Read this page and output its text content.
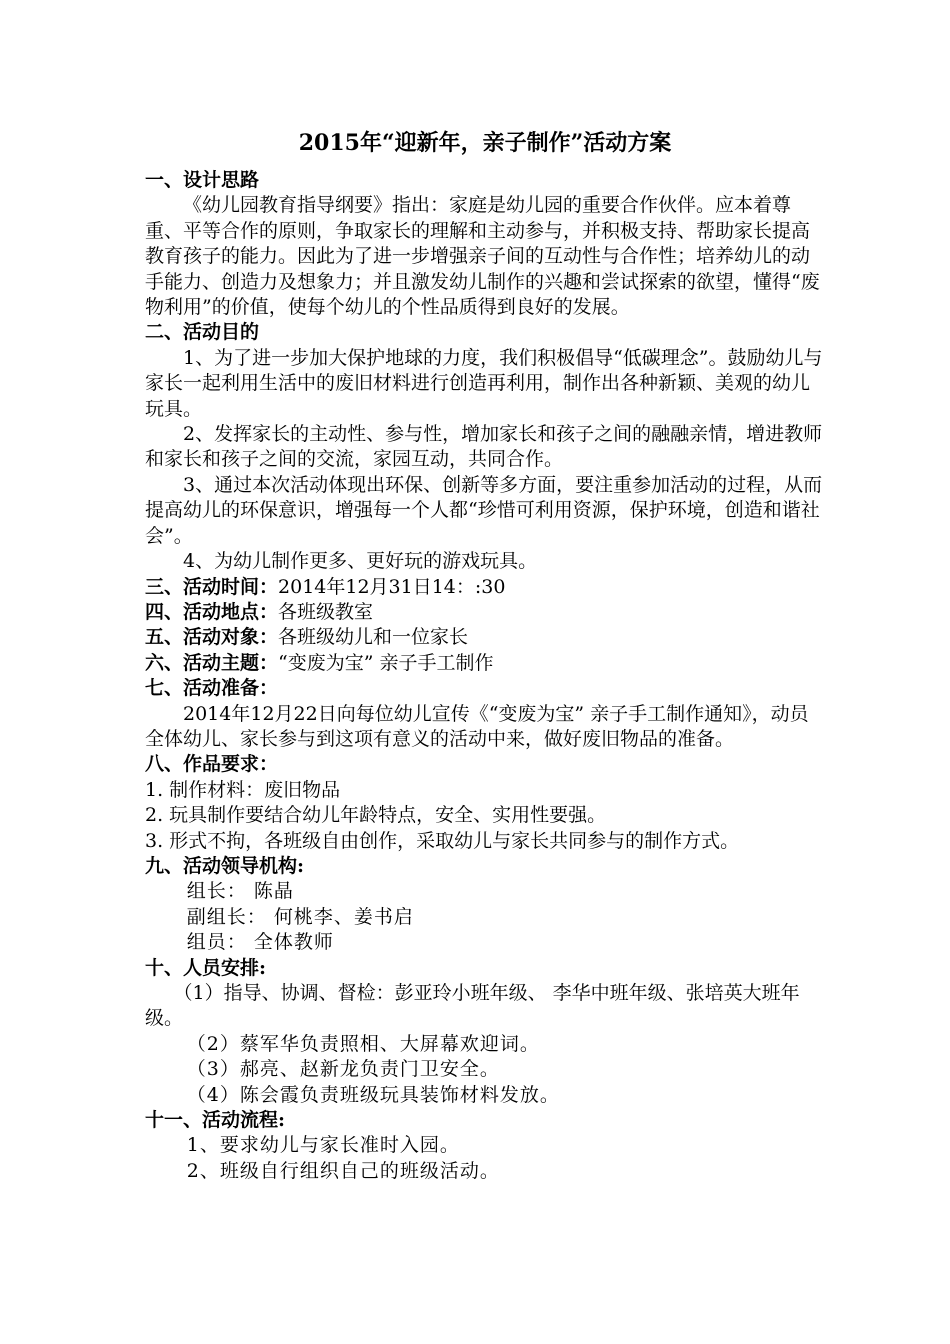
2015年“迎新年，亲子制作”活动方案

一、设计思路

《幼儿园教育指导纲要》指出：家庭是幼儿园的重要合作伙伴。应本着尊重、平等合作的原则，争取家长的理解和主动参与，并积极支持、帮助家长提高教育孩子的能力。因此为了进一步增强亲子间的互动性与合作性；培养幼儿的动手能力、创造力及想象力；并且激发幼儿制作的兴趣和尝试探索的欲望，懂得“废物利用”的价值，使每个幼儿的个性品质得到良好的发展。

二、活动目的

1、为了进一步加大保护地球的力度，我们积极倡导“低碳理念”。鼓励幼儿与家长一起利用生活中的废旧材料进行创造再利用，制作出各种新颖、美观的幼儿玩具。

2、发挥家长的主动性、参与性，增加家长和孩子之间的融融亲情，增进教师和家长和孩子之间的交流，家园互动，共同合作。

3、通过本次活动体现出环保、创新等多方面，要注重参加活动的过程，从而提高幼儿的环保意识，增强每一个人都“珍惜可利用资源，保护环境，创造和谐社会”。

4、为幼儿制作更多、更好玩的游戏玩具。

三、活动时间：2014年12月31日14：:30

四、活动地点：各班级教室

五、活动对象：各班级幼儿和一位家长

六、活动主题：“变废为宝” 亲子手工制作

七、活动准备：

2014年12月22日向每位幼儿宣传《“变废为宝” 亲子手工制作通知》，动员全体幼儿、家长参与到这项有意义的活动中来，做好废旧物品的准备。

八、作品要求：

1. 制作材料：废旧物品

2. 玩具制作要结合幼儿年龄特点，安全、实用性要强。

3. 形式不拘，各班级自由创作，采取幼儿与家长共同参与的制作方式。

九、活动领导机构:

组长： 陈晶

副组长： 何桃李、姜书启

组员： 全体教师

十、人员安排:

（1）指导、协调、督检：彭亚玲小班年级、 李华中班年级、张培英大班年级。

（2）蔡军华负责照相、大屏幕欢迎词。

（3）郝亮、赵新龙负责门卫安全。

（4）陈会霞负责班级玩具装饰材料发放。

十一、活动流程:

1、要求幼儿与家长准时入园。

2、班级自行组织自己的班级活动。
